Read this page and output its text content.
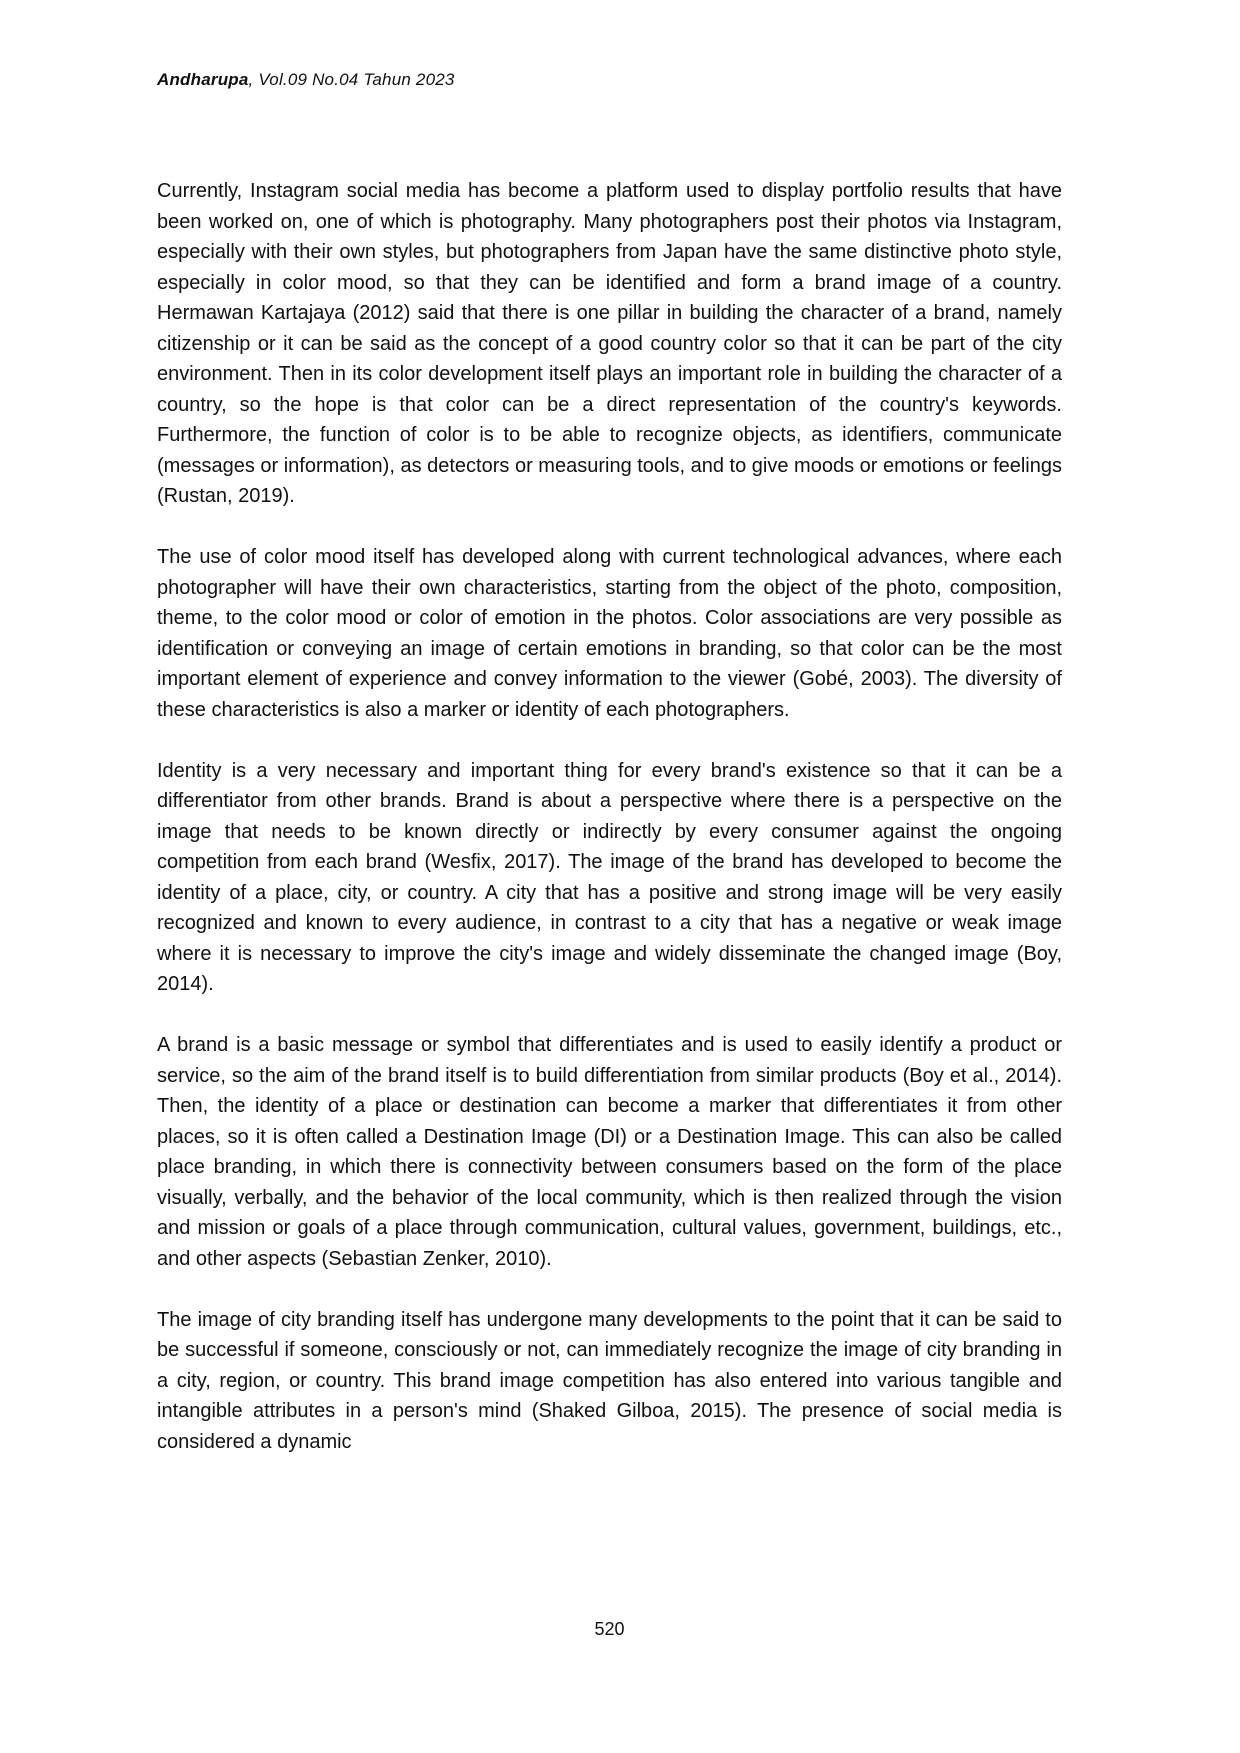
Andharupa, Vol.09 No.04 Tahun 2023

Currently, Instagram social media has become a platform used to display portfolio results that have been worked on, one of which is photography. Many photographers post their photos via Instagram, especially with their own styles, but photographers from Japan have the same distinctive photo style, especially in color mood, so that they can be identified and form a brand image of a country. Hermawan Kartajaya (2012) said that there is one pillar in building the character of a brand, namely citizenship or it can be said as the concept of a good country color so that it can be part of the city environment. Then in its color development itself plays an important role in building the character of a country, so the hope is that color can be a direct representation of the country's keywords. Furthermore, the function of color is to be able to recognize objects, as identifiers, communicate (messages or information), as detectors or measuring tools, and to give moods or emotions or feelings (Rustan, 2019).

The use of color mood itself has developed along with current technological advances, where each photographer will have their own characteristics, starting from the object of the photo, composition, theme, to the color mood or color of emotion in the photos. Color associations are very possible as identification or conveying an image of certain emotions in branding, so that color can be the most important element of experience and convey information to the viewer (Gobé, 2003). The diversity of these characteristics is also a marker or identity of each photographers.

Identity is a very necessary and important thing for every brand's existence so that it can be a differentiator from other brands. Brand is about a perspective where there is a perspective on the image that needs to be known directly or indirectly by every consumer against the ongoing competition from each brand (Wesfix, 2017). The image of the brand has developed to become the identity of a place, city, or country. A city that has a positive and strong image will be very easily recognized and known to every audience, in contrast to a city that has a negative or weak image where it is necessary to improve the city's image and widely disseminate the changed image (Boy, 2014).

A brand is a basic message or symbol that differentiates and is used to easily identify a product or service, so the aim of the brand itself is to build differentiation from similar products (Boy et al., 2014). Then, the identity of a place or destination can become a marker that differentiates it from other places, so it is often called a Destination Image (DI) or a Destination Image. This can also be called place branding, in which there is connectivity between consumers based on the form of the place visually, verbally, and the behavior of the local community, which is then realized through the vision and mission or goals of a place through communication, cultural values, government, buildings, etc., and other aspects (Sebastian Zenker, 2010).

The image of city branding itself has undergone many developments to the point that it can be said to be successful if someone, consciously or not, can immediately recognize the image of city branding in a city, region, or country. This brand image competition has also entered into various tangible and intangible attributes in a person's mind (Shaked Gilboa, 2015). The presence of social media is considered a dynamic

520
